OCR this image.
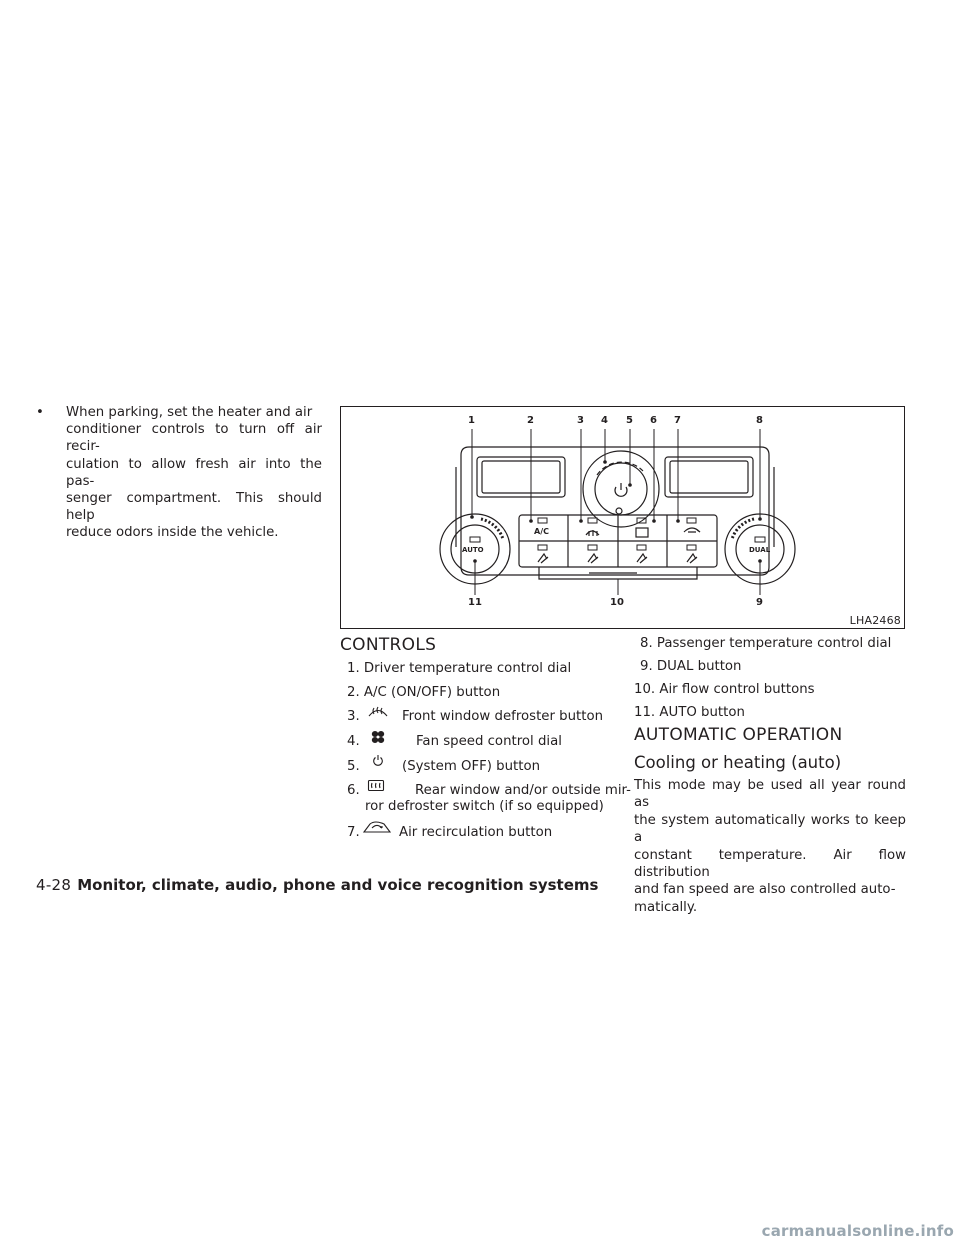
• When parking, set the heater and air
conditioner controls to turn off air recir-
culation to allow fresh air into the pas-
senger compartment. This should help
reduce odors inside the vehicle.
1	2	3 4 5 6 7	8
11	10	9
AUTO	DUAL
A/C
LHA2468
CONTROLS
1. Driver temperature control dial
2. A/C (ON/OFF) button
3.	Front window defroster button
4.	Fan speed control dial
5.	(System OFF) button
6.	Rear window and/or outside mir-
ror defroster switch (if so equipped)
7.	Air recirculation button
8. Passenger temperature control dial
9. DUAL button
10. Air flow control buttons
11. AUTO button
AUTOMATIC OPERATION
Cooling or heating (auto)
This mode may be used all year round as
the system automatically works to keep a
constant temperature. Air flow distribution
and fan speed are also controlled auto-
matically.
4-28 Monitor, climate, audio, phone and voice recognition systems
carmanualsonline.info
